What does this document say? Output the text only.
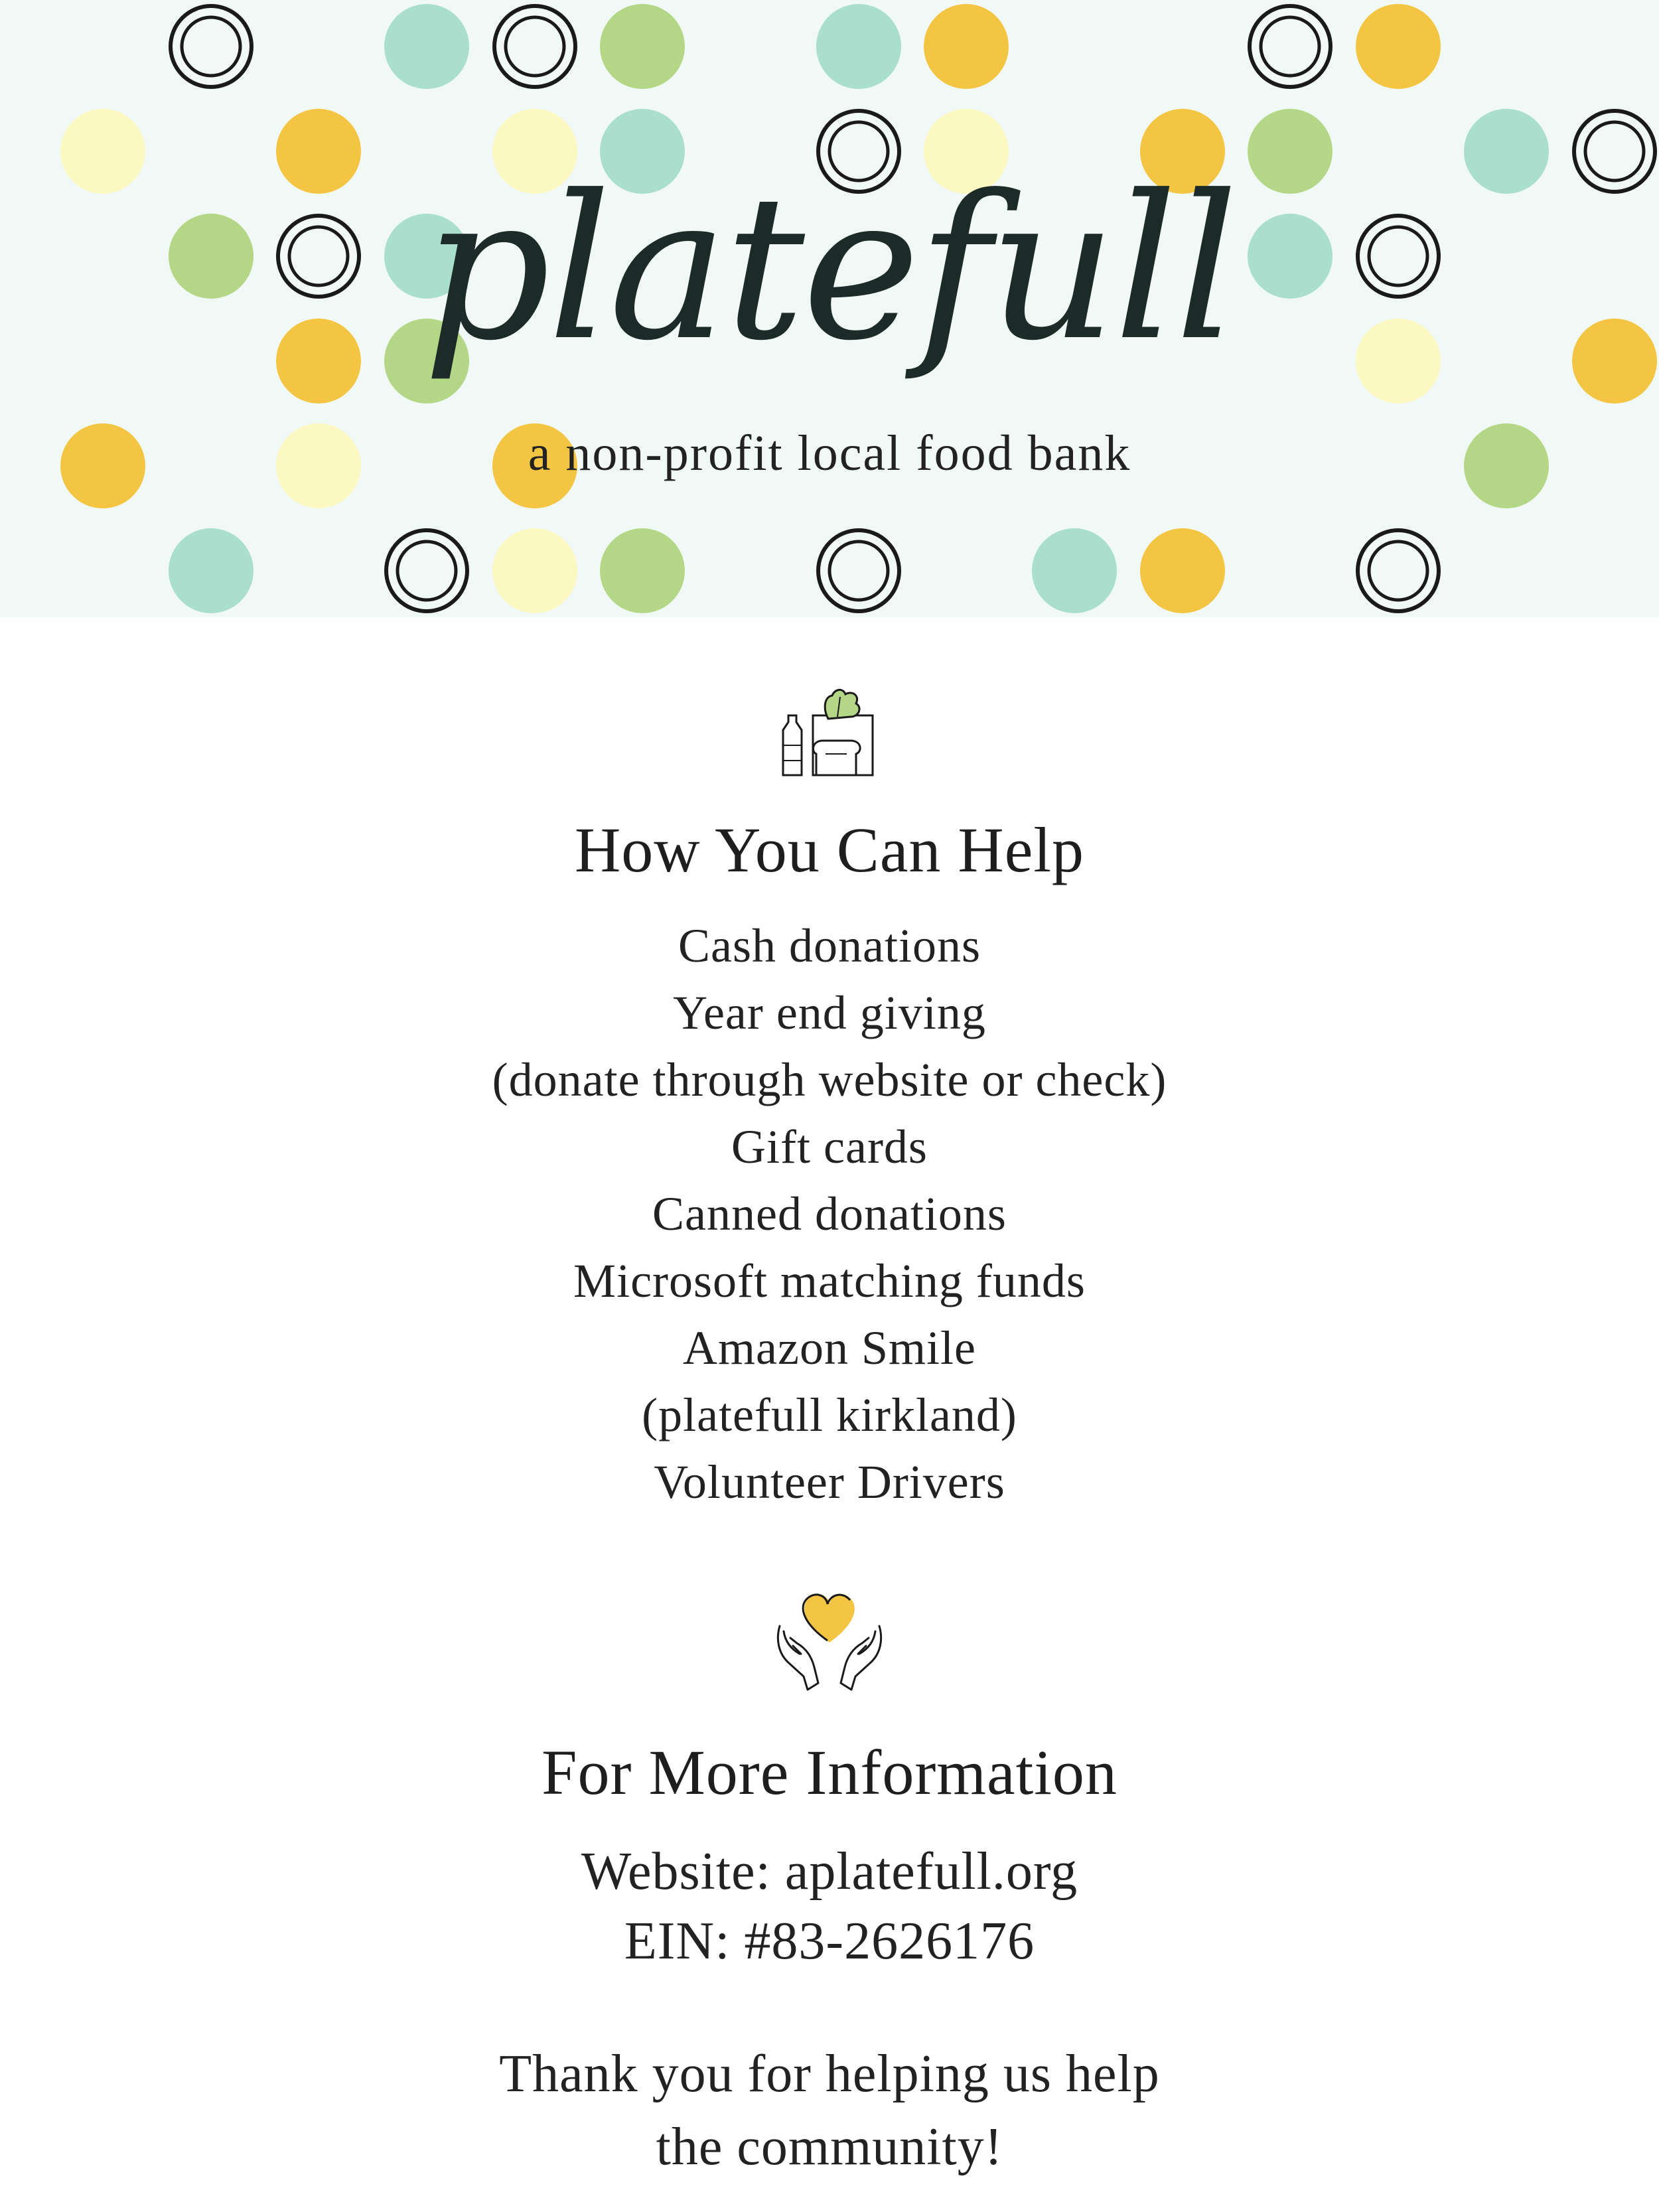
platefull
a non-profit local food bank
How You Can Help
Cash donations
Year end giving
(donate through website or check)
Gift cards
Canned donations
Microsoft matching funds
Amazon Smile
(platefull kirkland)
Volunteer Drivers
For More Information
Website: aplatefull.org
EIN: #83-2626176
Thank you for helping us help
the community!
